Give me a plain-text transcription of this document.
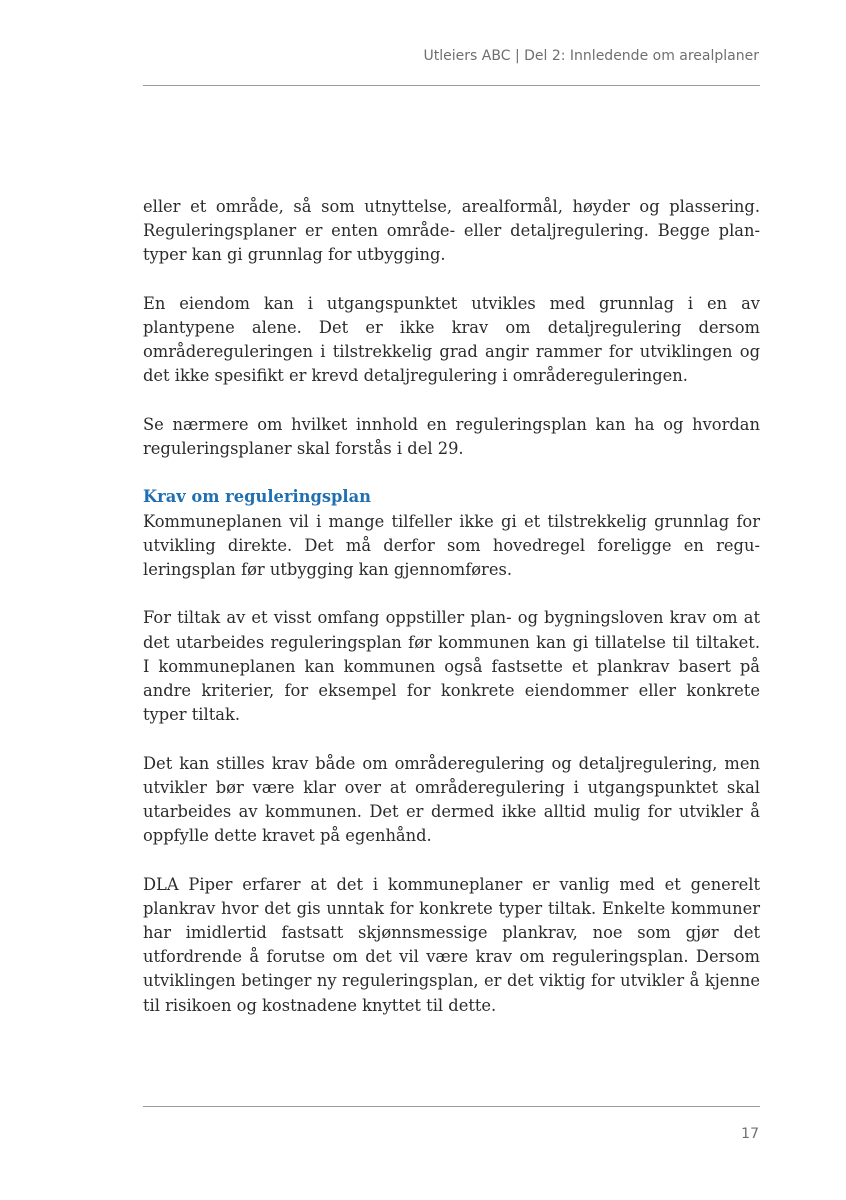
Utleiers ABC | Del 2: Innledende om arealplaner

eller et område, så som utnyttelse, arealformål, høyder og plassering. Reguleringsplaner er enten område- eller detaljregulering. Begge plantyper kan gi grunnlag for utbygging.

En eiendom kan i utgangspunktet utvikles med grunnlag i en av plantypene alene. Det er ikke krav om detaljregulering dersom områdereguleringen i tilstrekkelig grad angir rammer for utviklingen og det ikke spesifikt er krevd detaljregulering i områdereguleringen.

Se nærmere om hvilket innhold en reguleringsplan kan ha og hvordan reguleringsplaner skal forstås i del 29.

Krav om reguleringsplan

Kommuneplanen vil i mange tilfeller ikke gi et tilstrekkelig grunnlag for utvikling direkte. Det må derfor som hovedregel foreligge en reguleringsplan før utbygging kan gjennomføres.

For tiltak av et visst omfang oppstiller plan- og bygningsloven krav om at det utarbeides reguleringsplan før kommunen kan gi tillatelse til tiltaket. I kommuneplanen kan kommunen også fastsette et plankrav basert på andre kriterier, for eksempel for konkrete eiendommer eller konkrete typer tiltak.

Det kan stilles krav både om områderegulering og detaljregulering, men utvikler bør være klar over at områderegulering i utgangspunktet skal utarbeides av kommunen. Det er dermed ikke alltid mulig for utvikler å oppfylle dette kravet på egenhånd.

DLA Piper erfarer at det i kommuneplaner er vanlig med et generelt plankrav hvor det gis unntak for konkrete typer tiltak. Enkelte kommuner har imidlertid fastsatt skjønnsmessige plankrav, noe som gjør det utfordrende å forutse om det vil være krav om reguleringsplan. Dersom utviklingen betinger ny reguleringsplan, er det viktig for utvikler å kjenne til risikoen og kostnadene knyttet til dette.

17
